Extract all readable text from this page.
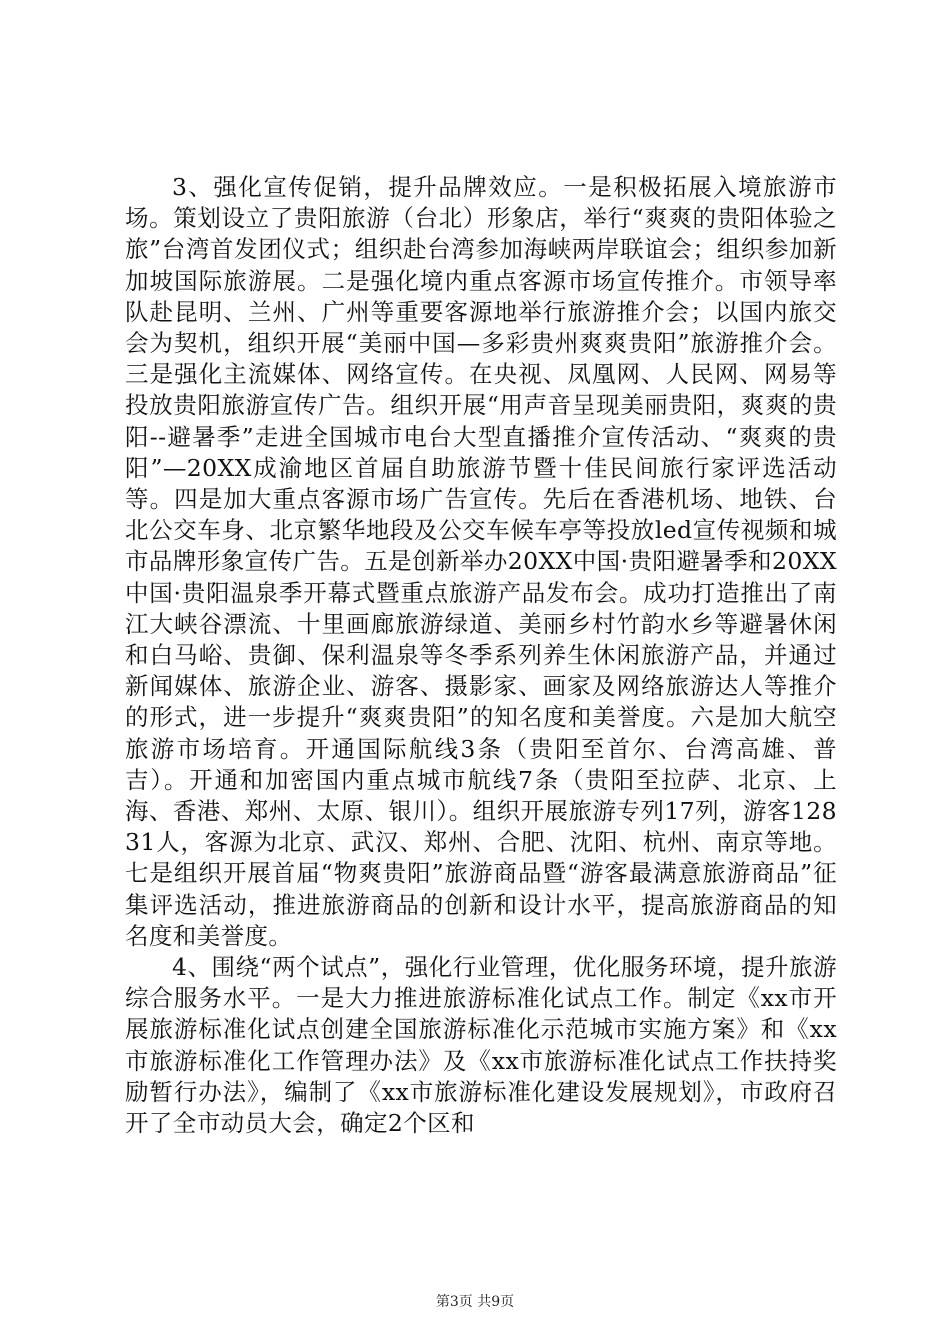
3、强化宣传促销，提升品牌效应。一是积极拓展入境旅游市场。策划设立了贵阳旅游（台北）形象店，举行“爽爽的贵阳体验之旅”台湾首发团仪式；组织赴台湾参加海峡两岸联谊会；组织参加新加坡国际旅游展。二是强化境内重点客源市场宣传推介。市领导率队赴昆明、兰州、广州等重要客源地举行旅游推介会；以国内旅交会为契机，组织开展“美丽中国—多彩贵州爽爽贵阳”旅游推介会。三是强化主流媒体、网络宣传。在央视、凤凰网、人民网、网易等投放贵阳旅游宣传广告。组织开展“用声音呈现美丽贵阳，爽爽的贵阳--避暑季”走进全国城市电台大型直播推介宣传活动、“爽爽的贵阳”—20XX成渝地区首届自助旅游节暨十佳民间旅行家评选活动等。四是加大重点客源市场广告宣传。先后在香港机场、地铁、台北公交车身、北京繁华地段及公交车候车亭等投放led宣传视频和城市品牌形象宣传广告。五是创新举办20XX中国·贵阳避暑季和20XX中国·贵阳温泉季开幕式暨重点旅游产品发布会。成功打造推出了南江大峡谷漂流、十里画廊旅游绿道、美丽乡村竹韵水乡等避暑休闲和白马峪、贵御、保利温泉等冬季系列养生休闲旅游产品，并通过新闻媒体、旅游企业、游客、摄影家、画家及网络旅游达人等推介的形式，进一步提升“爽爽贵阳”的知名度和美誉度。六是加大航空旅游市场培育。开通国际航线3条（贵阳至首尔、台湾高雄、普吉）。开通和加密国内重点城市航线7条（贵阳至拉萨、北京、上海、香港、郑州、太原、银川）。组织开展旅游专列17列，游客12831人，客源为北京、武汉、郑州、合肥、沈阳、杭州、南京等地。七是组织开展首届“物爽贵阳”旅游商品暨“游客最满意旅游商品”征集评选活动，推进旅游商品的创新和设计水平，提高旅游商品的知名度和美誉度。

4、围绕“两个试点”，强化行业管理，优化服务环境，提升旅游综合服务水平。一是大力推进旅游标准化试点工作。制定《xx市开展旅游标准化试点创建全国旅游标准化示范城市实施方案》和《xx市旅游标准化工作管理办法》及《xx市旅游标准化试点工作扶持奖励暂行办法》，编制了《xx市旅游标准化建设发展规划》，市政府召开了全市动员大会，确定2个区和

第3页 共9页
